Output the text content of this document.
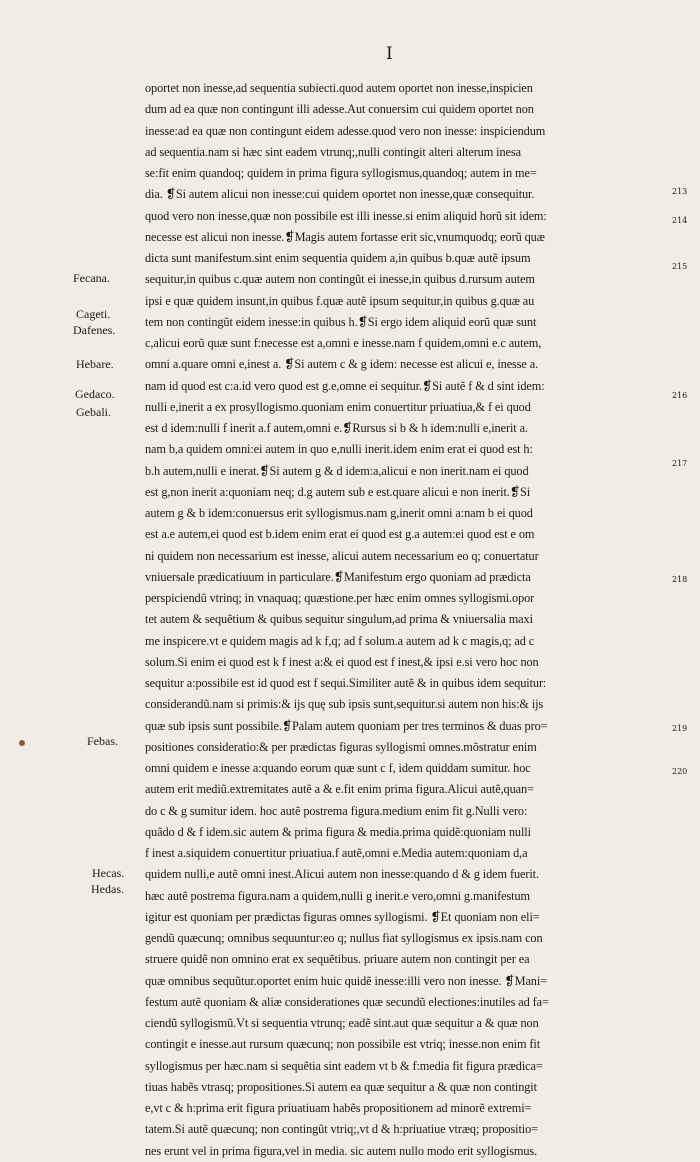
I
oportet non inesse,ad sequentia subiecti.quod autem oportet non inesse,inspicien
dum ad ea quæ non contingunt illi adesse.Aut conuersim cui quidem oportet non
inesse:ad ea quæ non contingunt eidem adesse.quod vero non inesse: inspiciendum
ad sequentia.nam si hæc sint eadem vtrunq;,nulli contingit alteri alterum inesa
se:fit enim quandoq; quidem in prima figura syllogismus,quandoq; autem in me=
dia. ❡Si autem alicui non inesse:cui quidem oportet non inesse,quæ consequitur.
quod vero non inesse,quæ non possibile est illi inesse.si enim aliquid horũ sit idem:
necesse est alicui non inesse.❡Magis autem fortasse erit sic,vnumquodq; eorũ quæ
dicta sunt manifestum.sint enim sequentia quidem a,in quibus b.quæ autẽ ipsum
sequitur,in quibus c.quæ autem non contingũt ei inesse,in quibus d.rursum autem
ipsi e quæ quidem insunt,in quibus f.quæ autẽ ipsum sequitur,in quibus g.quæ au
tem non contingũt eidem inesse:in quibus h.❡Si ergo idem aliquid eorũ quæ sunt
c,alicui eorũ quæ sunt f:necesse est a,omni e inesse.nam f quidem,omni e.c autem,
omni a.quare omni e,inest a. ❡Si autem c & g idem: necesse est alicui e, inesse a.
nam id quod est c:a.id vero quod est g.e,omne ei sequitur.❡Si autẽ f & d sint idem:
nulli e,inerit a ex prosyllogismo.quoniam enim conuertitur priuatiua,& f ei quod
est d idem:nulli f inerit a.f autem,omni e.❡Rursus si b & h idem:nulli e,inerit a.
nam b,a quidem omni:ei autem in quo e,nulli inerit.idem enim erat ei quod est h:
b.h autem,nulli e inerat.❡Si autem g & d idem:a,alicui e non inerit.nam ei quod
est g,non inerit a:quoniam neq; d.g autem sub e est.quare alicui e non inerit.❡Si
autem g & b idem:conuersus erit syllogismus.nam g,inerit omni a:nam b ei quod
est a.e autem,ei quod est b.idem enim erat ei quod est g.a autem:ei quod est e om
ni quidem non necessarium est inesse, alicui autem necessarium eo q; conuertatur
vniuersale prædicatiuum in particulare.❡Manifestum ergo quoniam ad prædicta
perspiciendũ vtrinq; in vnaquaq; quæstione.per hæc enim omnes syllogismi.opor
tet autem & sequẽtium & quibus sequitur singulum,ad prima & vniuersalia maxi
me inspicere.vt e quidem magis ad k f,q; ad f solum.a autem ad k c magis,q; ad c
solum.Si enim ei quod est k f inest a:& ei quod est f inest,& ipsi e.si vero hoc non
sequitur a:possibile est id quod est f sequi.Similiter autẽ & in quibus idem sequitur:
considerandũ.nam si primis:& ijs quę sub ipsis sunt,sequitur.si autem non his:& ijs
quæ sub ipsis sunt possibile.❡Palam autem quoniam per tres terminos & duas pro=
positiones consideratio:& per prædictas figuras syllogismi omnes.mõstratur enim
omni quidem e inesse a:quando eorum quæ sunt c f, idem quiddam sumitur. hoc
autem erit mediũ.extremitates autẽ a & e.fit enim prima figura.Alicui autẽ,quan=
do c & g sumitur idem. hoc autẽ postrema figura.medium enim fit g.Nulli vero:
quãdo d & f idem.sic autem & prima figura & media.prima quidẽ:quoniam nulli
f inest a.siquidem conuertitur priuatiua.f autẽ,omni e.Media autem:quoniam d,a
quidem nulli,e autẽ omni inest.Alicui autem non inesse:quando d & g idem fuerit.
hæc autẽ postrema figura.nam a quidem,nulli g inerit.e vero,omni g.manifestum
igitur est quoniam per prædictas figuras omnes syllogismi. ❡Et quoniam non eli=
gendũ quæcunq; omnibus sequuntur:eo q; nullus fiat syllogismus ex ipsis.nam con
struere quidẽ non omnino erat ex sequẽtibus. priuare autem non contingit per ea
quæ omnibus sequũtur.oportet enim huic quidẽ inesse:illi vero non inesse. ❡Mani=
festum autẽ quoniam & aliæ considerationes quæ secundũ electiones:inutiles ad fa=
ciendũ syllogismũ.Vt si sequentia vtrunq; eadẽ sint.aut quæ sequitur a & quæ non
contingit e inesse.aut rursum quæcunq; non possibile est vtriq; inesse.non enim fit
syllogismus per hæc.nam si sequẽtia sint eadem vt b & f:media fit figura prædica=
tiuas habẽs vtrasq; propositiones.Si autem ea quæ sequitur a & quæ non contingit
e,vt c & h:prima erit figura priuatiuam habẽs propositionem ad minorẽ extremi=
tatem.Si autẽ quæcunq; non contingũt vtriq;,vt d & h:priuatiue vtræq; propositio=
nes erunt vel in prima figura,vel in media. sic autem nullo modo erit syllogismus.
Fecana.
Cageti.
Dafenes.
Hebare.
Gedaco.
Gebali.
Febas.
Hecas.
Hedas.
213
214
215
216
217
218
219
220
